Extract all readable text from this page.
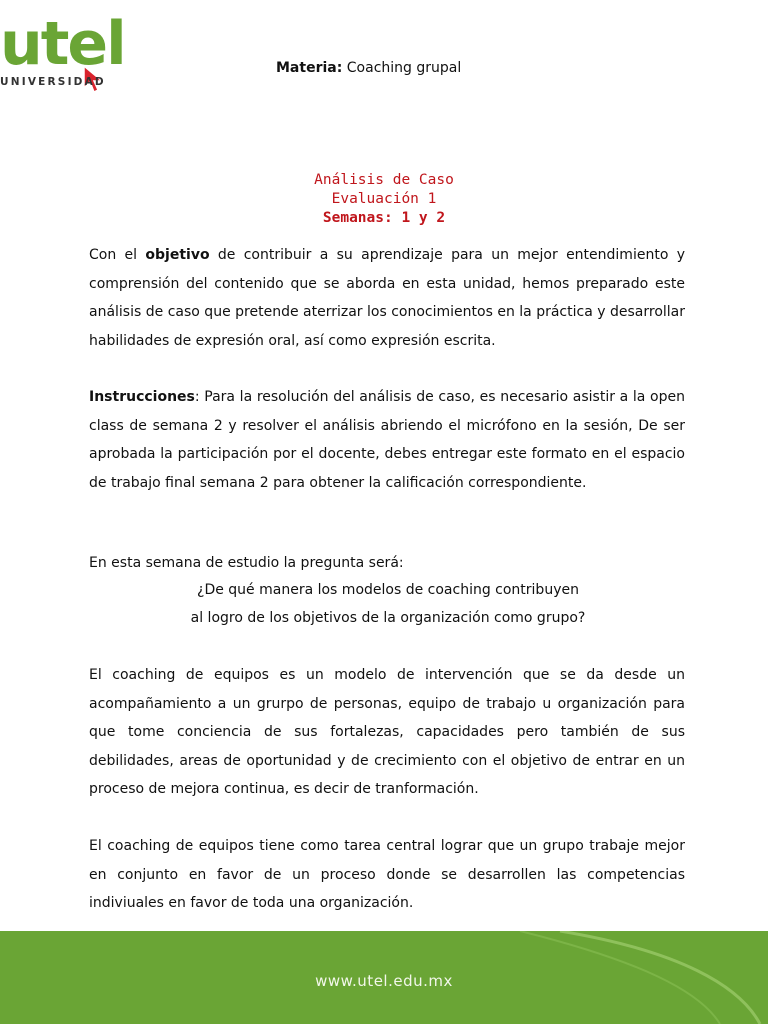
utel
UNIVERSIDAD
Materia: Coaching grupal
Análisis de Caso
Evaluación 1
Semanas: 1 y 2
Con el objetivo de contribuir a su aprendizaje para un mejor entendimiento y comprensión del contenido que se aborda en esta unidad, hemos preparado este análisis de caso que pretende aterrizar los conocimientos en la práctica y desarrollar habilidades de expresión oral, así como expresión escrita.
Instrucciones: Para la resolución del análisis de caso, es necesario asistir a la open class de semana 2 y resolver el análisis abriendo el micrófono en la sesión, De ser aprobada la participación por el docente, debes entregar este formato en el espacio de trabajo final semana 2 para obtener la calificación correspondiente.
En esta semana de estudio la pregunta será:
¿De qué manera los modelos de coaching contribuyen
al logro de los objetivos de la organización como grupo?
El coaching de equipos es un modelo de intervención que se da desde un acompañamiento a un grurpo de personas, equipo de trabajo u organización para que tome conciencia de sus fortalezas, capacidades pero también de sus debilidades, areas de oportunidad y de crecimiento con el objetivo de entrar en un proceso de mejora continua, es decir de tranformación.
El coaching de equipos tiene como tarea central lograr que un grupo trabaje mejor en conjunto en favor de un proceso donde se desarrollen las competencias indiviuales en favor de toda una organización.
www.utel.edu.mx
